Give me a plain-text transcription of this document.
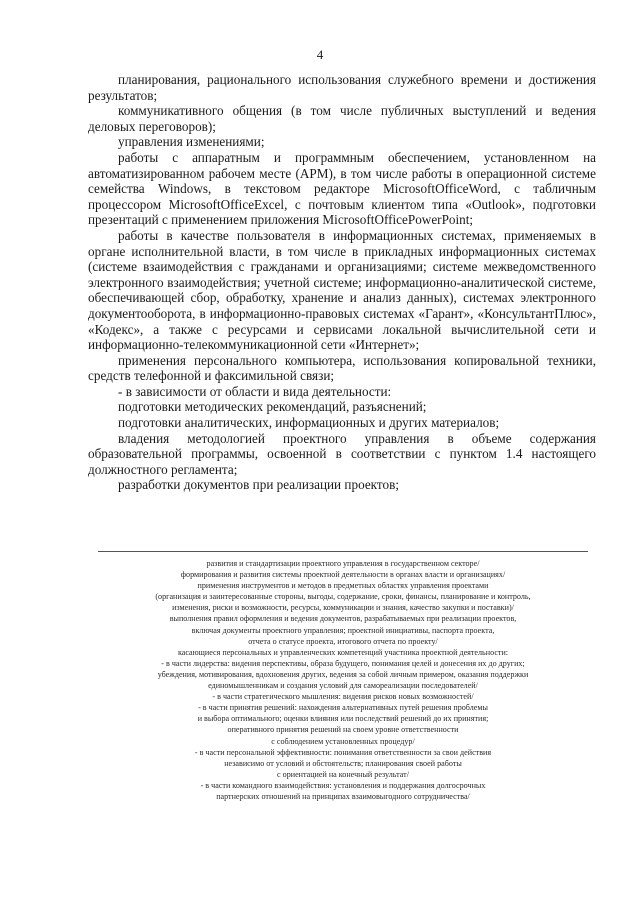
4

планирования, рационального использования служебного времени и достижения результатов;

коммуникативного общения (в том числе публичных выступлений и ведения деловых переговоров);

управления изменениями;

работы с аппаратным и программным обеспечением, установленном на автоматизированном рабочем месте (АРМ), в том числе работы в операционной системе семейства Windows, в текстовом редакторе MicrosoftOfficeWord, с табличным процессором MicrosoftOfficeExcel, с почтовым клиентом типа «Outlook», подготовки презентаций с применением приложения MicrosoftOfficePowerPoint;

работы в качестве пользователя в информационных системах, применяемых в органе исполнительной власти, в том числе в прикладных информационных системах (системе взаимодействия с гражданами и организациями; системе межведомственного электронного взаимодействия; учетной системе; информационно-аналитической системе, обеспечивающей сбор, обработку, хранение и анализ данных), системах электронного документооборота, в информационно-правовых системах «Гарант», «КонсультантПлюс», «Кодекс», а также с ресурсами и сервисами локальной вычислительной сети и информационно-телекоммуникационной сети «Интернет»;

применения персонального компьютера, использования копировальной техники, средств телефонной и факсимильной связи;

- в зависимости от области и вида деятельности:

подготовки методических рекомендаций, разъяснений;

подготовки аналитических, информационных и других материалов;

владения методологией проектного управления в объеме содержания образовательной программы, освоенной в соответствии с пунктом 1.4 настоящего должностного регламента;

разработки документов при реализации проектов;

развития и стандартизации проектного управления в государственном секторе/
формирования и развития системы проектной деятельности в органах власти и организациях/
применения инструментов и методов в предметных областях управления проектами
(организация и заинтересованные стороны, выгоды, содержание, сроки, финансы, планирование и контроль,
изменения, риски и возможности, ресурсы, коммуникации и знания, качество закупки и поставки)/
выполнения правил оформления и ведения документов, разрабатываемых при реализации проектов,
включая документы проектного управления; проектной инициативы, паспорта проекта,
отчета о статусе проекта, итогового отчета по проекту/
касающиеся персональных и управленческих компетенций участника проектной деятельности:
- в части лидерства: видения перспективы, образа будущего, понимания целей и донесения их до других;
убеждения, мотивирования, вдохновения других, ведения за собой личным примером, оказания поддержки
единомышленникам и создания условий для самореализации последователей/
- в части стратегического мышления: видения рисков новых возможностей/
- в части принятия решений: нахождения альтернативных путей решения проблемы
и выбора оптимального; оценки влияния или последствий решений до их принятия;
оперативного принятия решений на своем уровне ответственности
с соблюдением установленных процедур/
- в части персональной эффективности: понимания ответственности за свои действия
независимо от условий и обстоятельств; планирования своей работы
с ориентацией на конечный результат/
- в части командного взаимодействия: установления и поддержания долгосрочных
партнерских отношений на принципах взаимовыгодного сотрудничества/
